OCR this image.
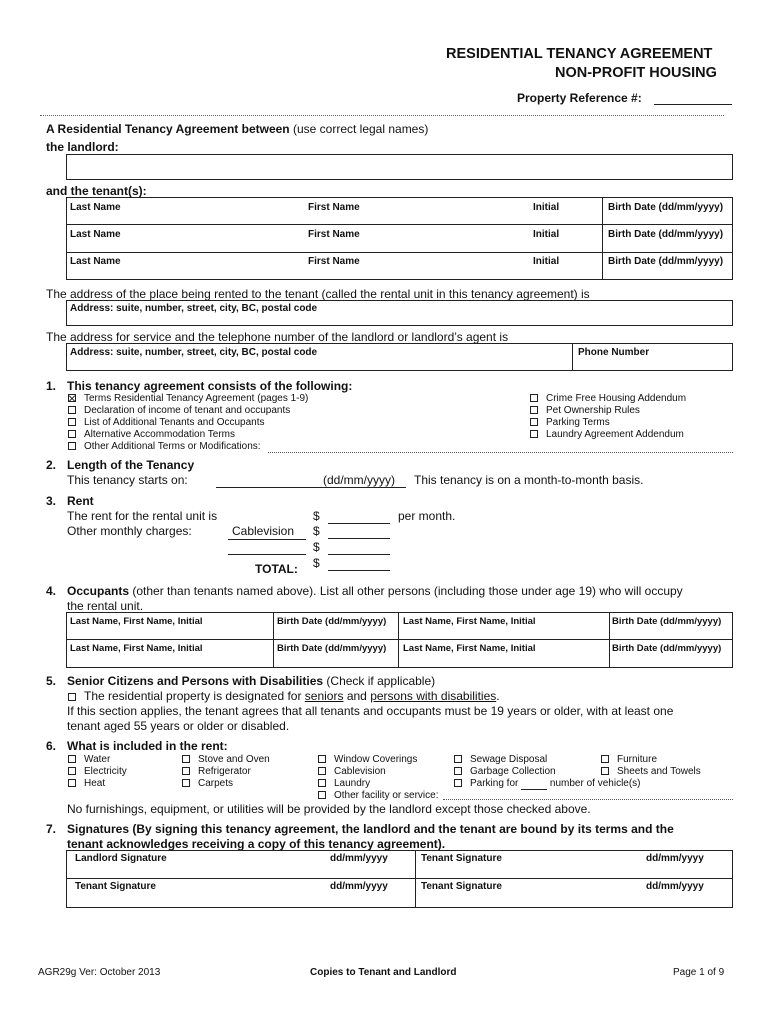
RESIDENTIAL TENANCY AGREEMENT
NON-PROFIT HOUSING
Property Reference #:
A Residential Tenancy Agreement between (use correct legal names)
the landlord:
and the tenant(s):
Last Name	First Name	Initial	Birth Date (dd/mm/yyyy)
Last Name	First Name	Initial	Birth Date (dd/mm/yyyy)
Last Name	First Name	Initial	Birth Date (dd/mm/yyyy)
The address of the place being rented to the tenant (called the rental unit in this tenancy agreement) is
Address: suite, number, street, city, BC, postal code
The address for service and the telephone number of the landlord or landlord’s agent is
Address: suite, number, street, city, BC, postal code	Phone Number
1. This tenancy agreement consists of the following:
Terms Residential Tenancy Agreement (pages 1-9)
Declaration of income of tenant and occupants
List of Additional Tenants and Occupants
Alternative Accommodation Terms
Other Additional Terms or Modifications:
Crime Free Housing Addendum
Pet Ownership Rules
Parking Terms
Laundry Agreement Addendum
2. Length of the Tenancy
This tenancy starts on:	(dd/mm/yyyy) This tenancy is on a month-to-month basis.
3. Rent
The rent for the rental unit is	$	per month.
Other monthly charges:	Cablevision $
$
TOTAL: $
4. Occupants (other than tenants named above). List all other persons (including those under age 19) who will occupy
the rental unit.
Last Name, First Name, Initial	Birth Date (dd/mm/yyyy) Last Name, First Name, Initial	Birth Date (dd/mm/yyyy)
Last Name, First Name, Initial	Birth Date (dd/mm/yyyy) Last Name, First Name, Initial	Birth Date (dd/mm/yyyy)
5. Senior Citizens and Persons with Disabilities (Check if applicable)
The residential property is designated for seniors and persons with disabilities.
If this section applies, the tenant agrees that all tenants and occupants must be 19 years or older, with at least one
tenant aged 55 years or older or disabled.
6. What is included in the rent:
Water
Electricity
Heat
Stove and Oven
Refrigerator
Carpets
Window Coverings
Cablevision
Laundry
Other facility or service:
Sewage Disposal
Garbage Collection
Parking for	number of vehicle(s)
Furniture
Sheets and Towels
No furnishings, equipment, or utilities will be provided by the landlord except those checked above.
7. Signatures (By signing this tenancy agreement, the landlord and the tenant are bound by its terms and the
tenant acknowledges receiving a copy of this tenancy agreement).
Landlord Signature	dd/mm/yyyy	Tenant Signature	dd/mm/yyyy
Tenant Signature	dd/mm/yyyy	Tenant Signature	dd/mm/yyyy
AGR29g Ver: October 2013	Copies to Tenant and Landlord	Page 1 of 9
